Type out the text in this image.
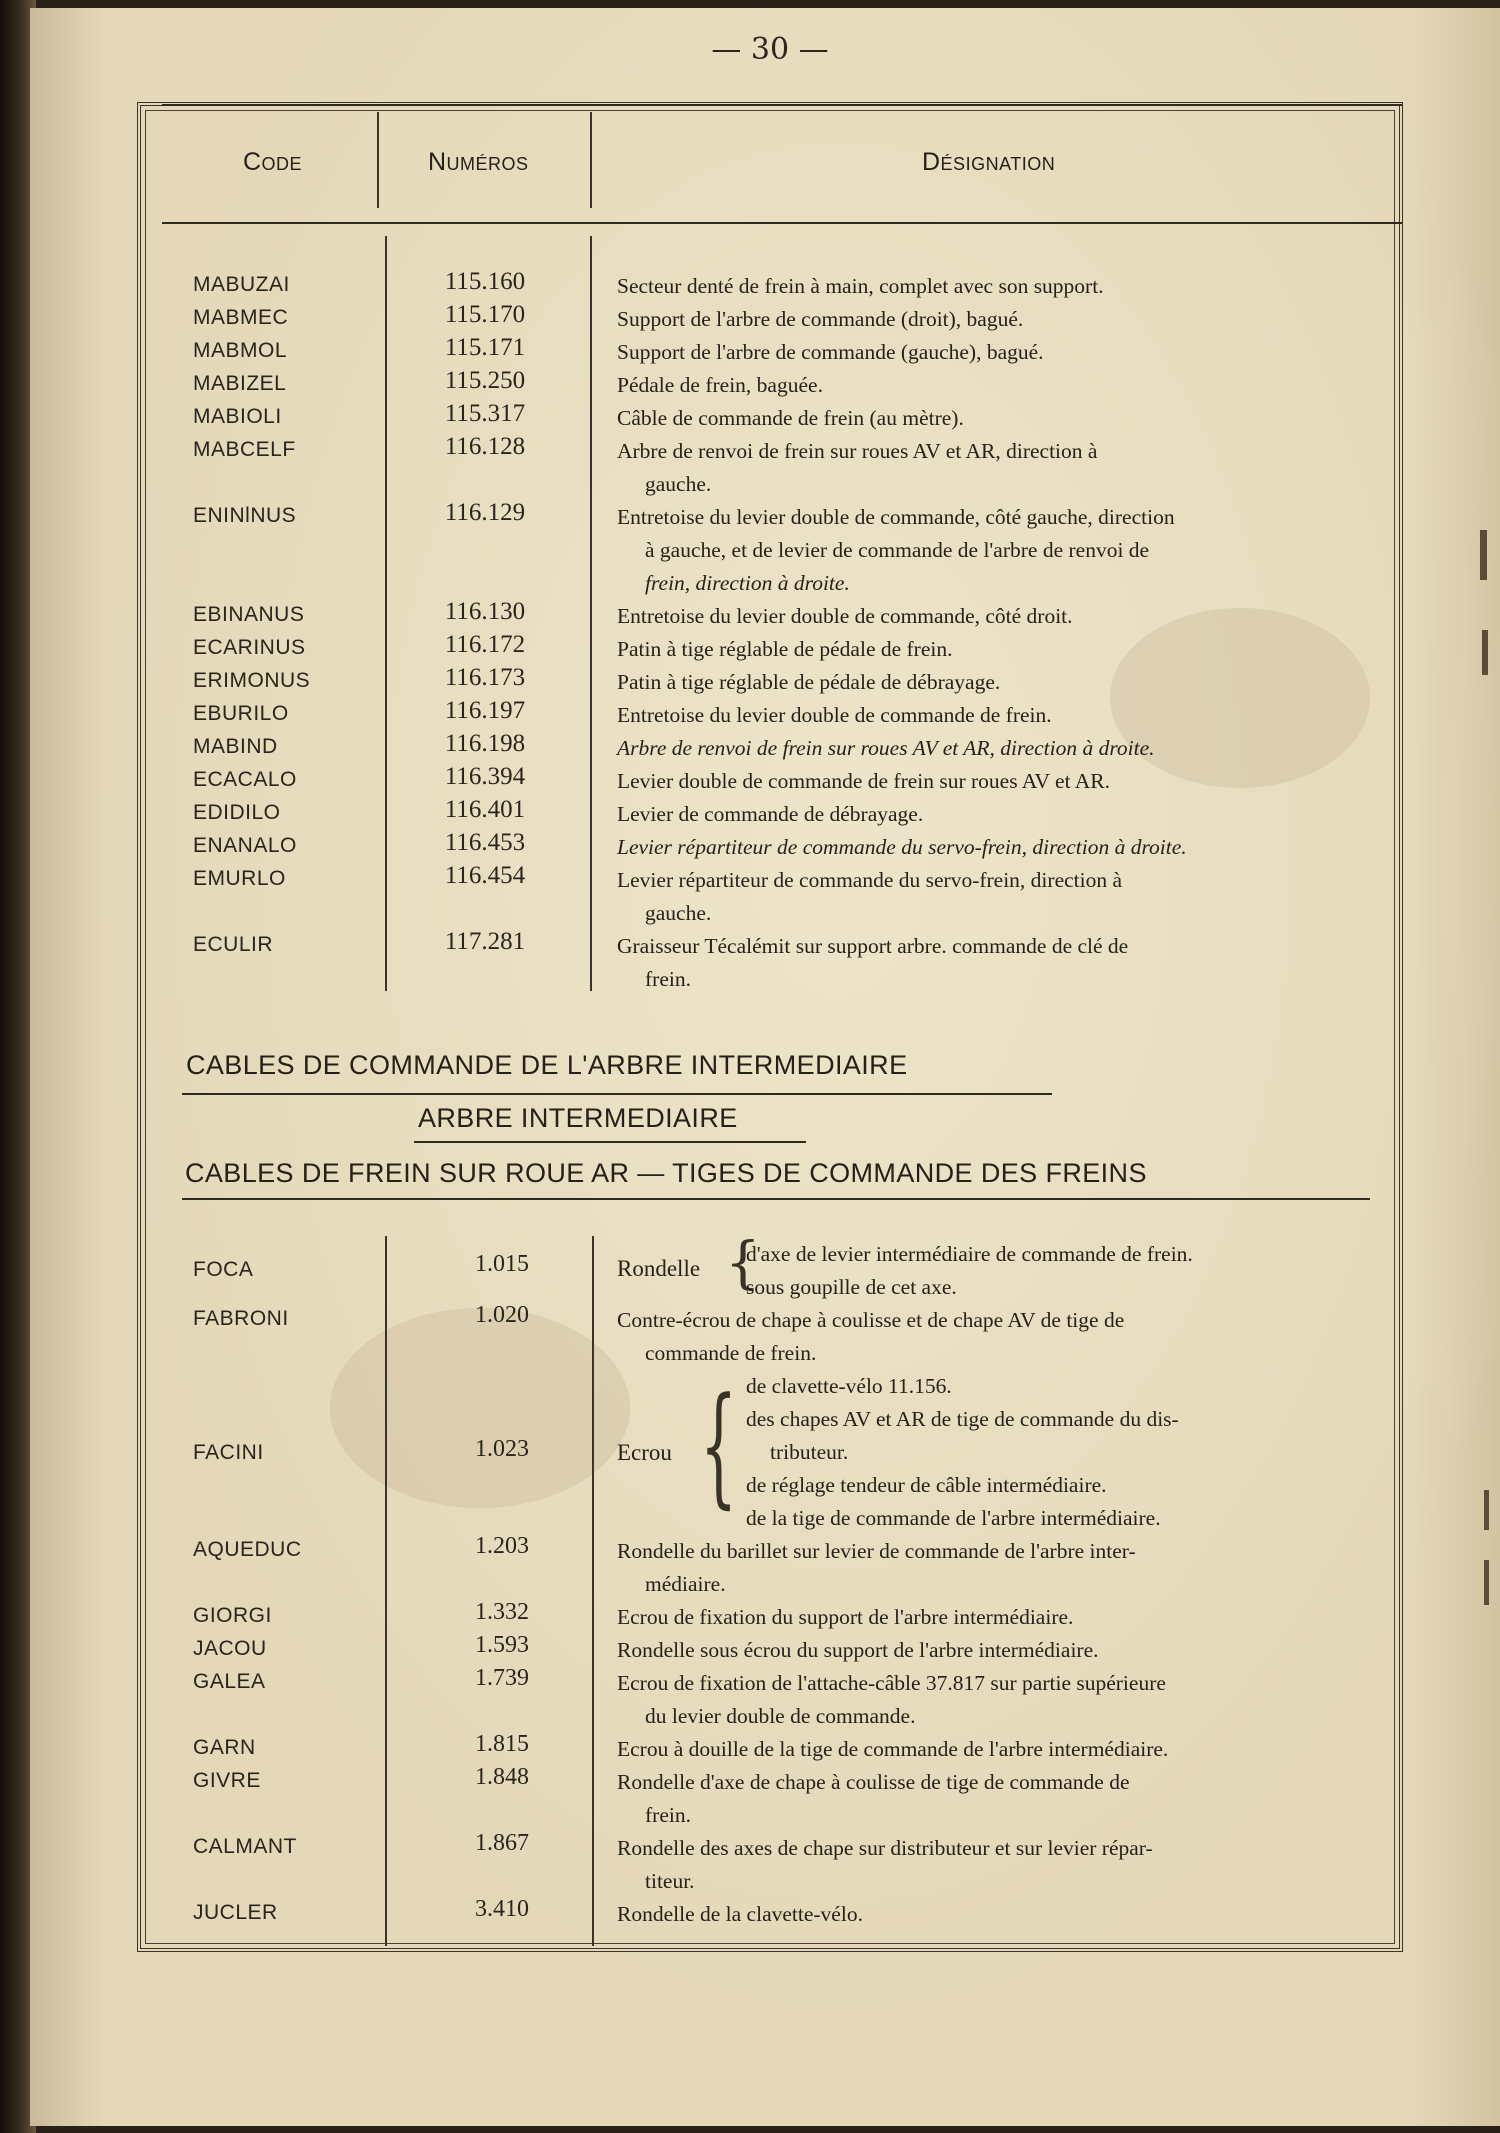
— 30 —
Code	Numéros	Désignation
MABUZAI	115.160	Secteur denté de frein à main, complet avec son support.
MABMEC	115.170	Support de l'arbre de commande (droit), bagué.
MABMOL	115.171	Support de l'arbre de commande (gauche), bagué.
MABIZEL	115.250	Pédale de frein, baguée.
MABIOLI	115.317	Câble de commande de frein (au mètre).
MABCELF	116.128	Arbre de renvoi de frein sur roues AV et AR, direction à
gauche.
ENINlNUS	116.129	Entretoise du levier double de commande, côté gauche, direction
à gauche, et de levier de commande de l'arbre de renvoi de
frein, direction à droite.
EBINANUS	116.130	Entretoise du levier double de commande, côté droit.
ECARINUS	116.172	Patin à tige réglable de pédale de frein.
ERIMONUS	116.173	Patin à tige réglable de pédale de débrayage.
EBURILO	116.197	Entretoise du levier double de commande de frein.
MABIND	116.198	Arbre de renvoi de frein sur roues AV et AR, direction à droite.
ECACALO	116.394	Levier double de commande de frein sur roues AV et AR.
EDIDILO	116.401	Levier de commande de débrayage.
ENANALO	116.453	Levier répartiteur de commande du servo-frein, direction à droite.
EMURLO	116.454	Levier répartiteur de commande du servo-frein, direction à
gauche.
ECULIR	117.281	Graisseur Técalémit sur support arbre. commande de clé de
frein.
CABLES DE COMMANDE DE L'ARBRE INTERMEDIAIRE
ARBRE INTERMEDIAIRE
CABLES DE FREIN SUR ROUE AR — TIGES DE COMMANDE DES FREINS
FOCA	1.015	Rondelle {
d'axe de levier intermédiaire de commande de frein.
sous goupille de cet axe.
FABRONI	1.020	Contre-écrou de chape à coulisse et de chape AV de tige de
commande de frein.
FACINI	1.023	Ecrou { de clavette-vélo 11.156.
des chapes AV et AR de tige de commande du dis-
tributeur.
de réglage tendeur de câble intermédiaire.
de la tige de commande de l'arbre intermédiaire.
AQUEDUC	1.203	Rondelle du barillet sur levier de commande de l'arbre inter-
médiaire.
GIORGI	1.332	Ecrou de fixation du support de l'arbre intermédiaire.
JACOU	1.593	Rondelle sous écrou du support de l'arbre intermédiaire.
GALEA	1.739	Ecrou de fixation de l'attache-câble 37.817 sur partie supérieure
du levier double de commande.
GARN	1.815	Ecrou à douille de la tige de commande de l'arbre intermédiaire.
GIVRE	1.848	Rondelle d'axe de chape à coulisse de tige de commande de
frein.
CALMANT	1.867	Rondelle des axes de chape sur distributeur et sur levier répar-
titeur.
JUCLER	3.410	Rondelle de la clavette-vélo.
